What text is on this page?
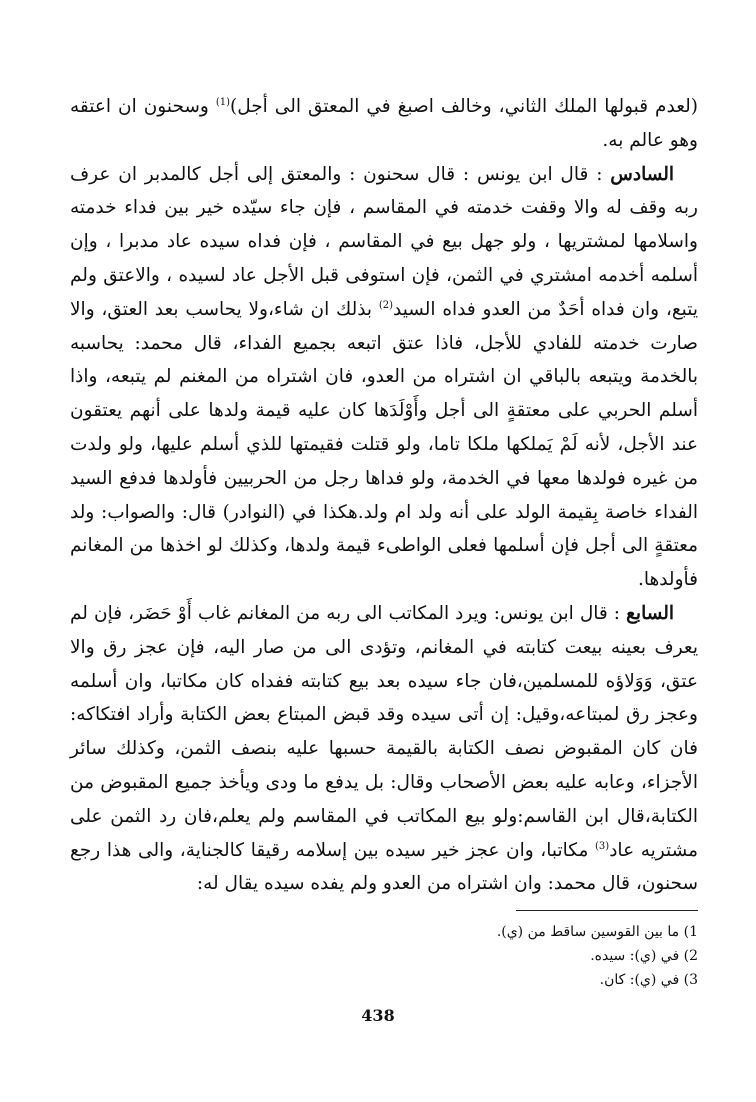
(لعدم قبولها الملك الثاني، وخالف اصبغ في المعتق الى أجل)$^{(1)}$ وسحنون ان اعتقه وهو عالم به.

السادس : قال ابن يونس : قال سحنون : والمعتق إلى أجل كالمدبر ان عرف ربه وقف له والا وقفت خدمته في المقاسم ، فإن جاء سيّده خير بين فداء خدمته واسلامها لمشتريها ، ولو جهل بيع في المقاسم ، فإن فداه سيده عاد مدبرا ، وإن أسلمه أخدمه امشتري في الثمن، فإن استوفى قبل الأجل عاد لسيده ، والاعتق ولم يتبع، وان فداه أحَدٌ من العدو فداه السيد$^{(2)}$ بذلك ان شاء،ولا يحاسب بعد العتق، والا صارت خدمته للفادي للأجل، فاذا عتق اتبعه بجميع الفداء، قال محمد: يحاسبه بالخدمة ويتبعه بالباقي ان اشتراه من العدو، فان اشتراه من المغنم لم يتبعه، واذا أسلم الحربي على معتقةٍ الى أجل وأَوْلَدَها كان عليه قيمة ولدها على أنهم يعتقون عند الأجل، لأنه لَمْ يَملكها ملكا تاما، ولو قتلت فقيمتها للذي أسلم عليها، ولو ولدت من غيره فولدها معها في الخدمة، ولو فداها رجل من الحربيين فأولدها فدفع السيد الفداء خاصة بِقيمة الولد على أنه ولد ام ولد.هكذا في (النوادر) قال: والصواب: ولد معتقةٍ الى أجل فإن أسلمها فعلى الواطىء قيمة ولدها، وكذلك لو اخذها من المغانم فأولدها.

السابع : قال ابن يونس: ويرد المكاتب الى ربه من المغانم غاب أَوْ حَضَر، فإن لم يعرف بعينه بيعت كتابته في المغانم، وتؤدى الى من صار اليه، فإن عجز رق والا عتق، وَوَلاؤه للمسلمين،فان جاء سيده بعد بيع كتابته ففداه كان مكاتبا، وان أسلمه وعجز رق لمبتاعه،وقيل: إن أتى سيده وقد قبض المبتاع بعض الكتابة وأراد افتكاكه: فان كان المقبوض نصف الكتابة بالقيمة حسبها عليه بنصف الثمن، وكذلك سائر الأجزاء، وعابه عليه بعض الأصحاب وقال: بل يدفع ما ودى ويأخذ جميع المقبوض من الكتابة،قال ابن القاسم:ولو بيع المكاتب في المقاسم ولم يعلم،فان رد الثمن على مشتريه عاد$^{(3)}$ مكاتبا، وان عجز خير سيده بين إسلامه رقيقا كالجناية، والى هذا رجع سحنون، قال محمد: وان اشتراه من العدو ولم يفده سيده يقال له:

1) ما بين القوسين ساقط من (ي).
2) في (ي): سيده.
3) في (ي): كان.
438
